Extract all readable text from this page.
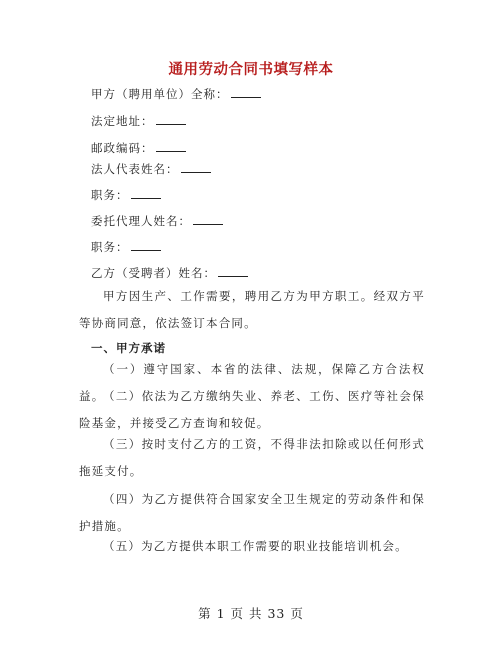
通用劳动合同书填写样本
甲方（聘用单位）全称：
法定地址：
邮政编码：
法人代表姓名：
职务：
委托代理人姓名：
职务：
乙方（受聘者）姓名：

甲方因生产、工作需要，聘用乙方为甲方职工。经双方平等协商同意，依法签订本合同。

一、甲方承诺

（一）遵守国家、本省的法律、法规，保障乙方合法权益。

（二）依法为乙方缴纳失业、养老、工伤、医疗等社会保险基金，并接受乙方查询和较促。

（三）按时支付乙方的工资，不得非法扣除或以任何形式拖延支付。

（四）为乙方提供符合国家安全卫生规定的劳动条件和保护措施。

（五）为乙方提供本职工作需要的职业技能培训机会。

第 1 页 共 33 页
